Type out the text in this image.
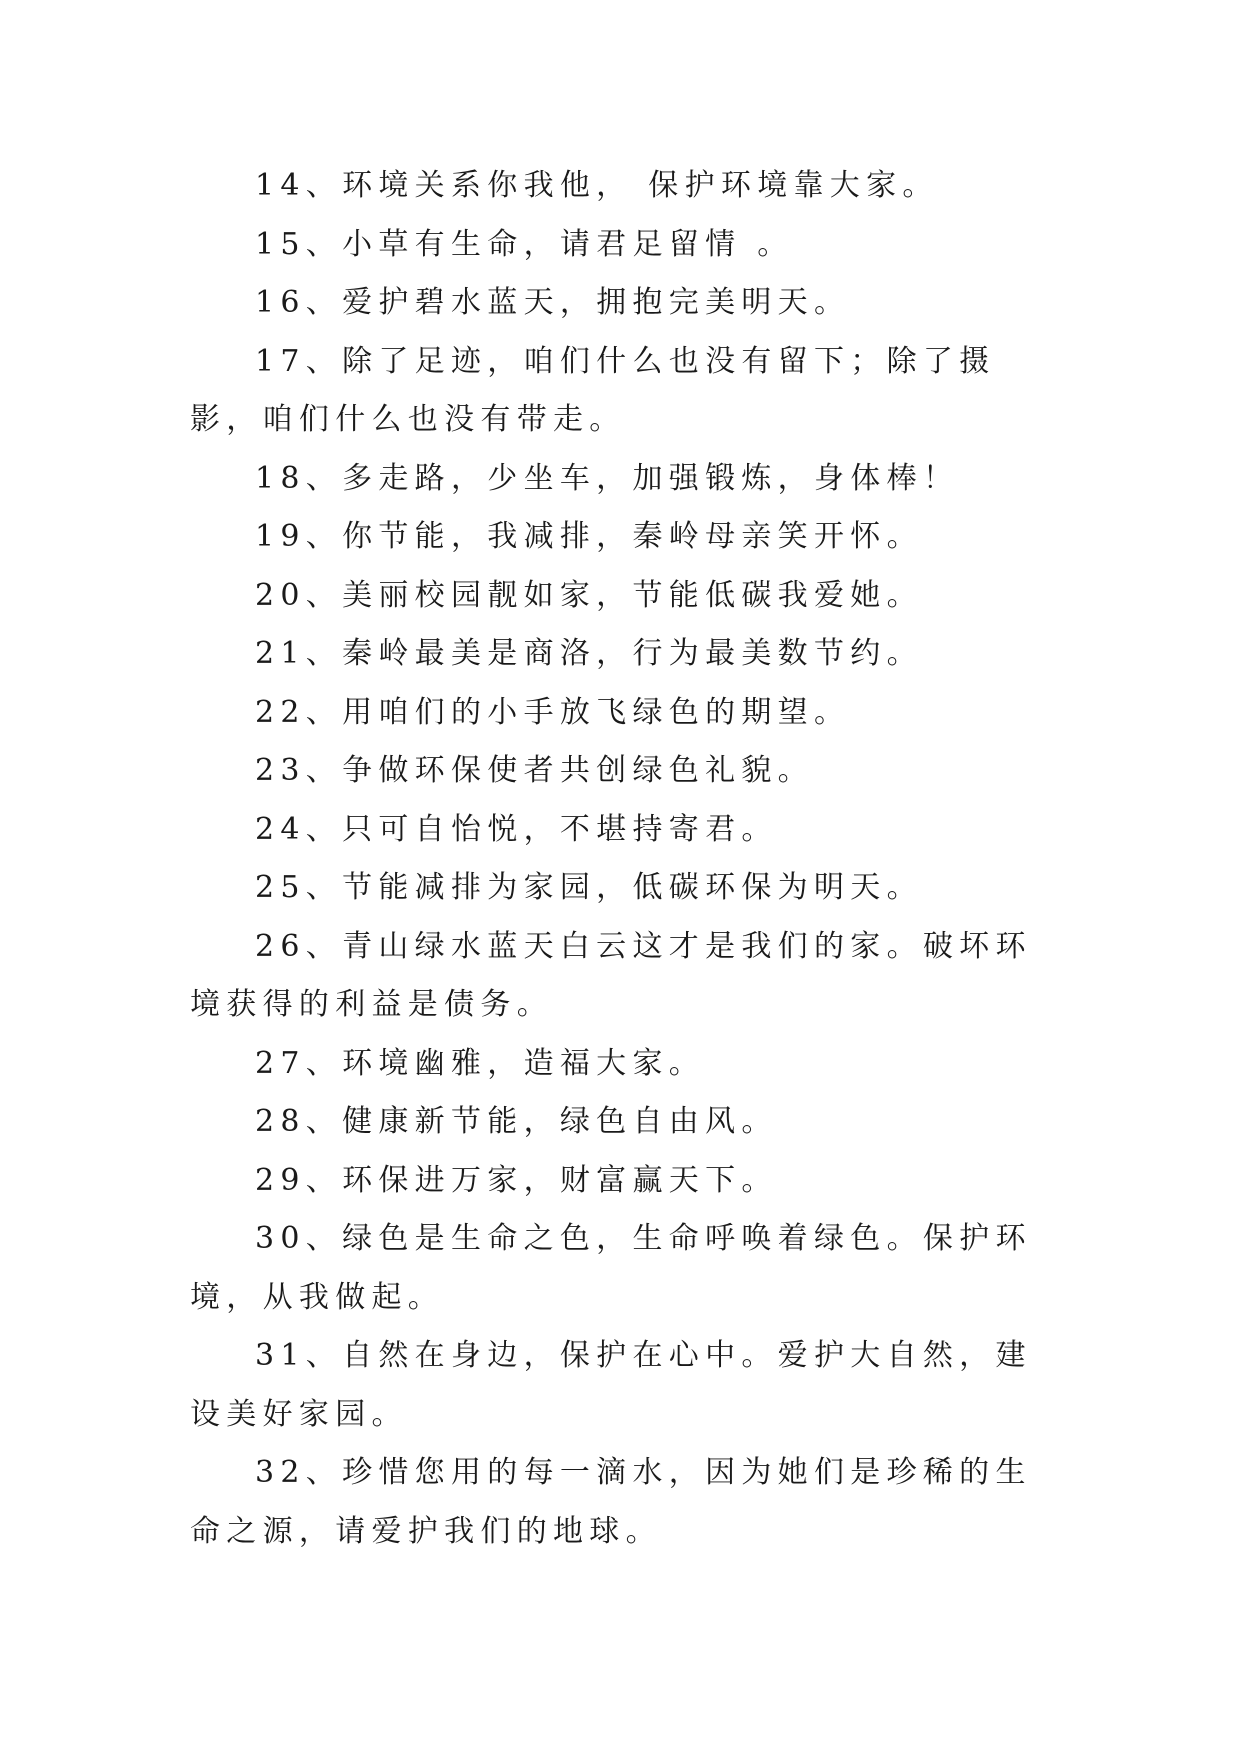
14、环境关系你我他， 保护环境靠大家。

15、小草有生命，请君足留情 。

16、爱护碧水蓝天，拥抱完美明天。

17、除了足迹，咱们什么也没有留下；除了摄影，咱们什么也没有带走。

18、多走路，少坐车，加强锻炼，身体棒！

19、你节能，我减排，秦岭母亲笑开怀。

20、美丽校园靓如家，节能低碳我爱她。

21、秦岭最美是商洛，行为最美数节约。

22、用咱们的小手放飞绿色的期望。

23、争做环保使者共创绿色礼貌。

24、只可自怡悦，不堪持寄君。

25、节能减排为家园，低碳环保为明天。

26、青山绿水蓝天白云这才是我们的家。破坏环境获得的利益是债务。

27、环境幽雅，造福大家。

28、健康新节能，绿色自由风。

29、环保进万家，财富赢天下。

30、绿色是生命之色，生命呼唤着绿色。保护环境，从我做起。

31、自然在身边，保护在心中。爱护大自然，建设美好家园。

32、珍惜您用的每一滴水，因为她们是珍稀的生命之源，请爱护我们的地球。
